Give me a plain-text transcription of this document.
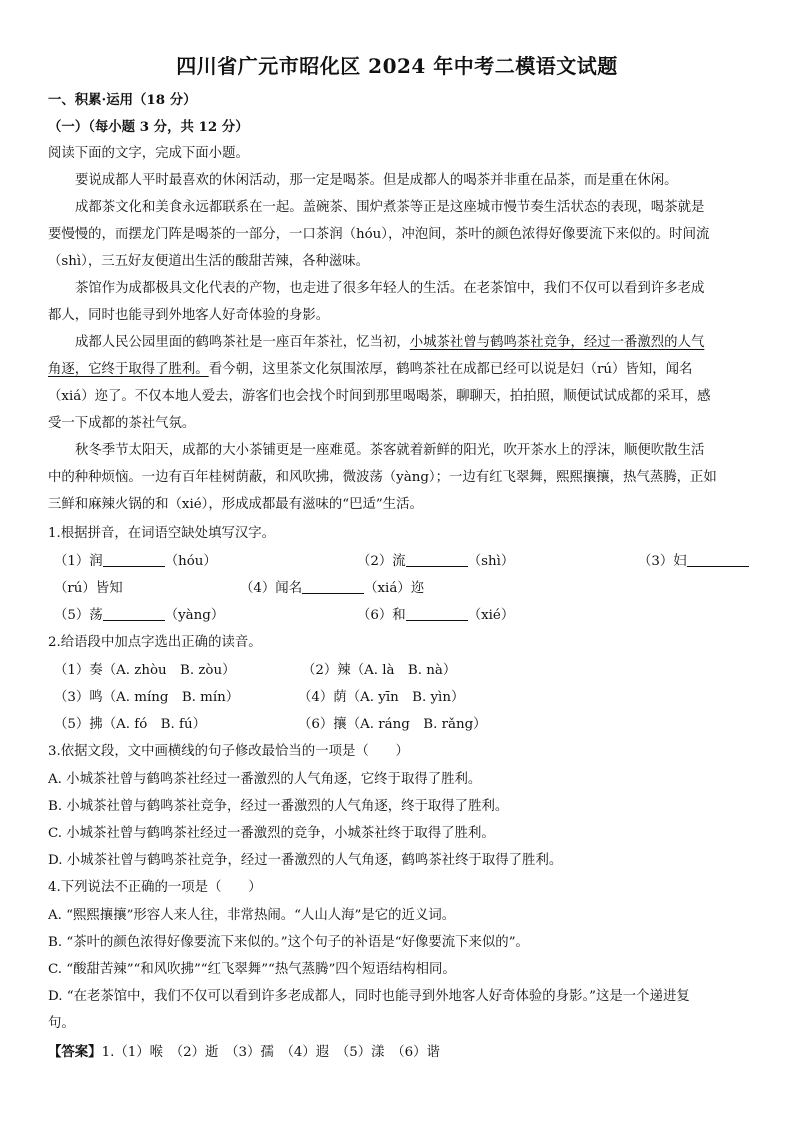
四川省广元市昭化区 2024 年中考二模语文试题
一、积累·运用（18 分）
（一）（每小题 3 分，共 12 分）
阅读下面的文字，完成下面小题。
要说成都人平时最喜欢的休闲活动，那一定是喝茶。但是成都人的喝茶并非重在品茶，而是重在休闲。
成都茶文化和美食永远都联系在一起。盖碗茶、围炉煮茶等正是这座城市慢节奏生活状态的表现，喝茶就是
要慢慢的，而摆龙门阵是喝茶的一部分，一口茶润（hóu），冲泡间，茶叶的颜色浓得好像要流下来似的。时间流
（shì），三五好友便道出生活的酸甜苦辣，各种滋味。
茶馆作为成都极具文化代表的产物，也走进了很多年轻人的生活。在老茶馆中，我们不仅可以看到许多老成
都人，同时也能寻到外地客人好奇体验的身影。
成都人民公园里面的鹤鸣茶社是一座百年茶社，忆当初，小城茶社曾与鹤鸣茶社竞争，经过一番激烈的人气
角逐，它终于取得了胜利。看今朝，这里茶文化氛围浓厚，鹤鸣茶社在成都已经可以说是妇（rú）皆知，闻名
（xiá）迩了。不仅本地人爱去，游客们也会找个时间到那里喝喝茶，聊聊天，拍拍照，顺便试试成都的采耳，感
受一下成都的茶社气氛。
秋冬季节太阳天，成都的大小茶铺更是一座难觅。茶客就着新鲜的阳光，吹开茶水上的浮沫，顺便吹散生活
中的种种烦恼。一边有百年桂树荫蔽，和风吹拂，微波荡（yàng）；一边有红飞翠舞，熙熙攘攘，热气蒸腾，正如
三鲜和麻辣火锅的和（xié），形成成都最有滋味的“巴适”生活。
1.根据拼音，在词语空缺处填写汉字。
（1）润	（hóu）	（2）流	（shì）	（3）妇
（rú）皆知	（4）闻名	（xiá）迩
（5）荡	（yàng）	（6）和	（xié）
2.给语段中加点字选出正确的读音。
（1）奏（A. zhòu　B. zòu）	（2）辣（A. là　B. nà）
（3）鸣（A. míng　B. mín）	（4）荫（A. yīn　B. yìn）
（5）拂（A. fó　B. fú）	（6）攘（A. ráng　B. rǎng）
3.依据文段，文中画横线的句子修改最恰当的一项是（　　）
A. 小城茶社曾与鹤鸣茶社经过一番激烈的人气角逐，它终于取得了胜利。
B. 小城茶社曾与鹤鸣茶社竞争，经过一番激烈的人气角逐，终于取得了胜利。
C. 小城茶社曾与鹤鸣茶社经过一番激烈的竞争，小城茶社终于取得了胜利。
D. 小城茶社曾与鹤鸣茶社竞争，经过一番激烈的人气角逐，鹤鸣茶社终于取得了胜利。
4.下列说法不正确的一项是（　　）
A. “熙熙攘攘”形容人来人往，非常热闹。“人山人海”是它的近义词。
B. “茶叶的颜色浓得好像要流下来似的。”这个句子的补语是“好像要流下来似的”。
C. “酸甜苦辣”“和风吹拂”“红飞翠舞”“热气蒸腾”四个短语结构相同。
D. “在老茶馆中，我们不仅可以看到许多老成都人，同时也能寻到外地客人好奇体验的身影。”这是一个递进复
句。
【答案】1.（1）喉　（2）逝　（3）孺　（4）遐　（5）漾　（6）谐
